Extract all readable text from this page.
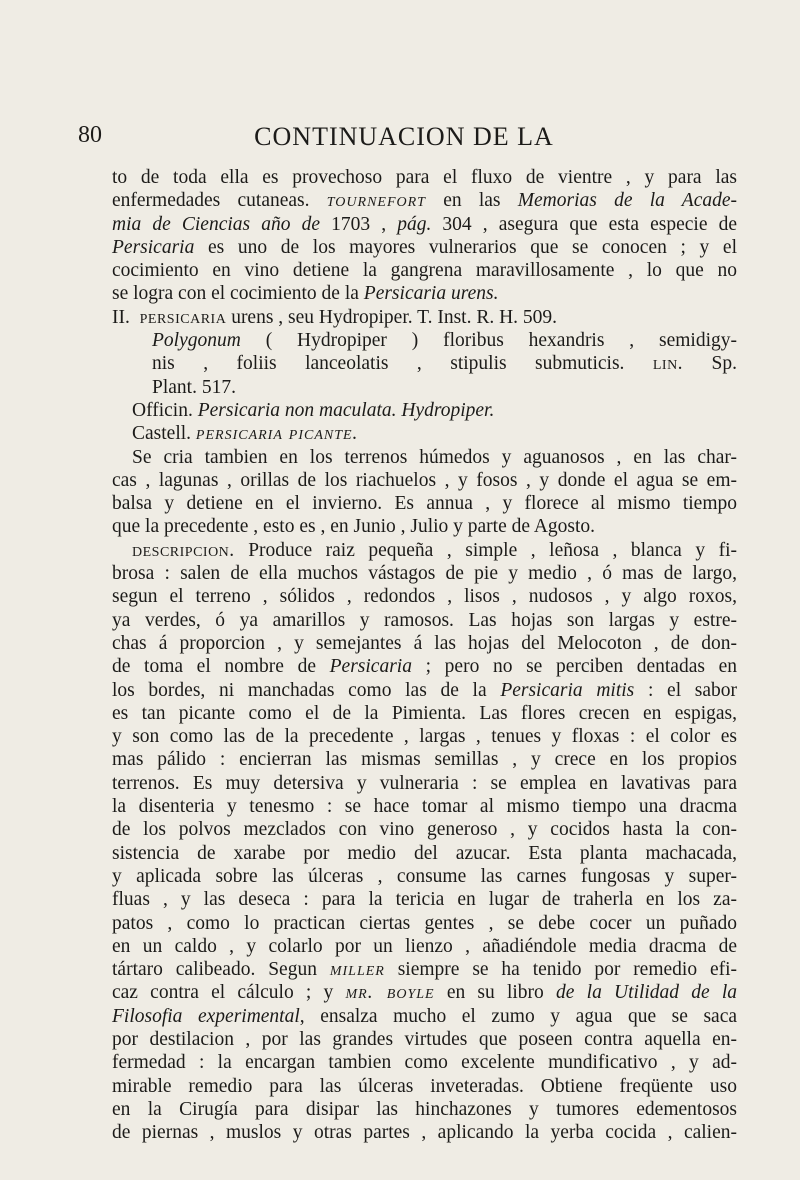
80	CONTINUACION DE LA
to de toda ella es provechoso para el fluxo de vientre , y para las
enfermedades cutaneas. tournefort en las Memorias de la Acade-
mia de Ciencias año de 1703 , pág. 304 , asegura que esta especie de
Persicaria es uno de los mayores vulnerarios que se conocen ; y el
cocimiento en vino detiene la gangrena maravillosamente , lo que no
se logra con el cocimiento de la Persicaria urens.
II. persicaria urens , seu Hydropiper. T. Inst. R. H. 509.
Polygonum ( Hydropiper ) floribus hexandris , semidigy-
nis , foliis lanceolatis , stipulis submuticis. lin. Sp.
Plant. 517.
Officin. Persicaria non maculata. Hydropiper.
Castell. persicaria picante.
Se cria tambien en los terrenos húmedos y aguanosos , en las char-
cas , lagunas , orillas de los riachuelos , y fosos , y donde el agua se em-
balsa y detiene en el invierno. Es annua , y florece al mismo tiempo
que la precedente , esto es , en Junio , Julio y parte de Agosto.
descripcion. Produce raiz pequeña , simple , leñosa , blanca y fi-
brosa : salen de ella muchos vástagos de pie y medio , ó mas de largo,
segun el terreno , sólidos , redondos , lisos , nudosos , y algo roxos,
ya verdes, ó ya amarillos y ramosos. Las hojas son largas y estre-
chas á proporcion , y semejantes á las hojas del Melocoton , de don-
de toma el nombre de Persicaria ; pero no se perciben dentadas en
los bordes, ni manchadas como las de la Persicaria mitis : el sabor
es tan picante como el de la Pimienta. Las flores crecen en espigas,
y son como las de la precedente , largas , tenues y floxas : el color es
mas pálido : encierran las mismas semillas , y crece en los propios
terrenos. Es muy detersiva y vulneraria : se emplea en lavativas para
la disenteria y tenesmo : se hace tomar al mismo tiempo una dracma
de los polvos mezclados con vino generoso , y cocidos hasta la con-
sistencia de xarabe por medio del azucar. Esta planta machacada,
y aplicada sobre las úlceras , consume las carnes fungosas y super-
fluas , y las deseca : para la tericia en lugar de traherla en los za-
patos , como lo practican ciertas gentes , se debe cocer un puñado
en un caldo , y colarlo por un lienzo , añadiéndole media dracma de
tártaro calibeado. Segun miller siempre se ha tenido por remedio efi-
caz contra el cálculo ; y mr. boyle en su libro de la Utilidad de la
Filosofia experimental, ensalza mucho el zumo y agua que se saca
por destilacion , por las grandes virtudes que poseen contra aquella en-
fermedad : la encargan tambien como excelente mundificativo , y ad-
mirable remedio para las úlceras inveteradas. Obtiene freqüente uso
en la Cirugía para disipar las hinchazones y tumores edementosos
de piernas , muslos y otras partes , aplicando la yerba cocida , calien-
